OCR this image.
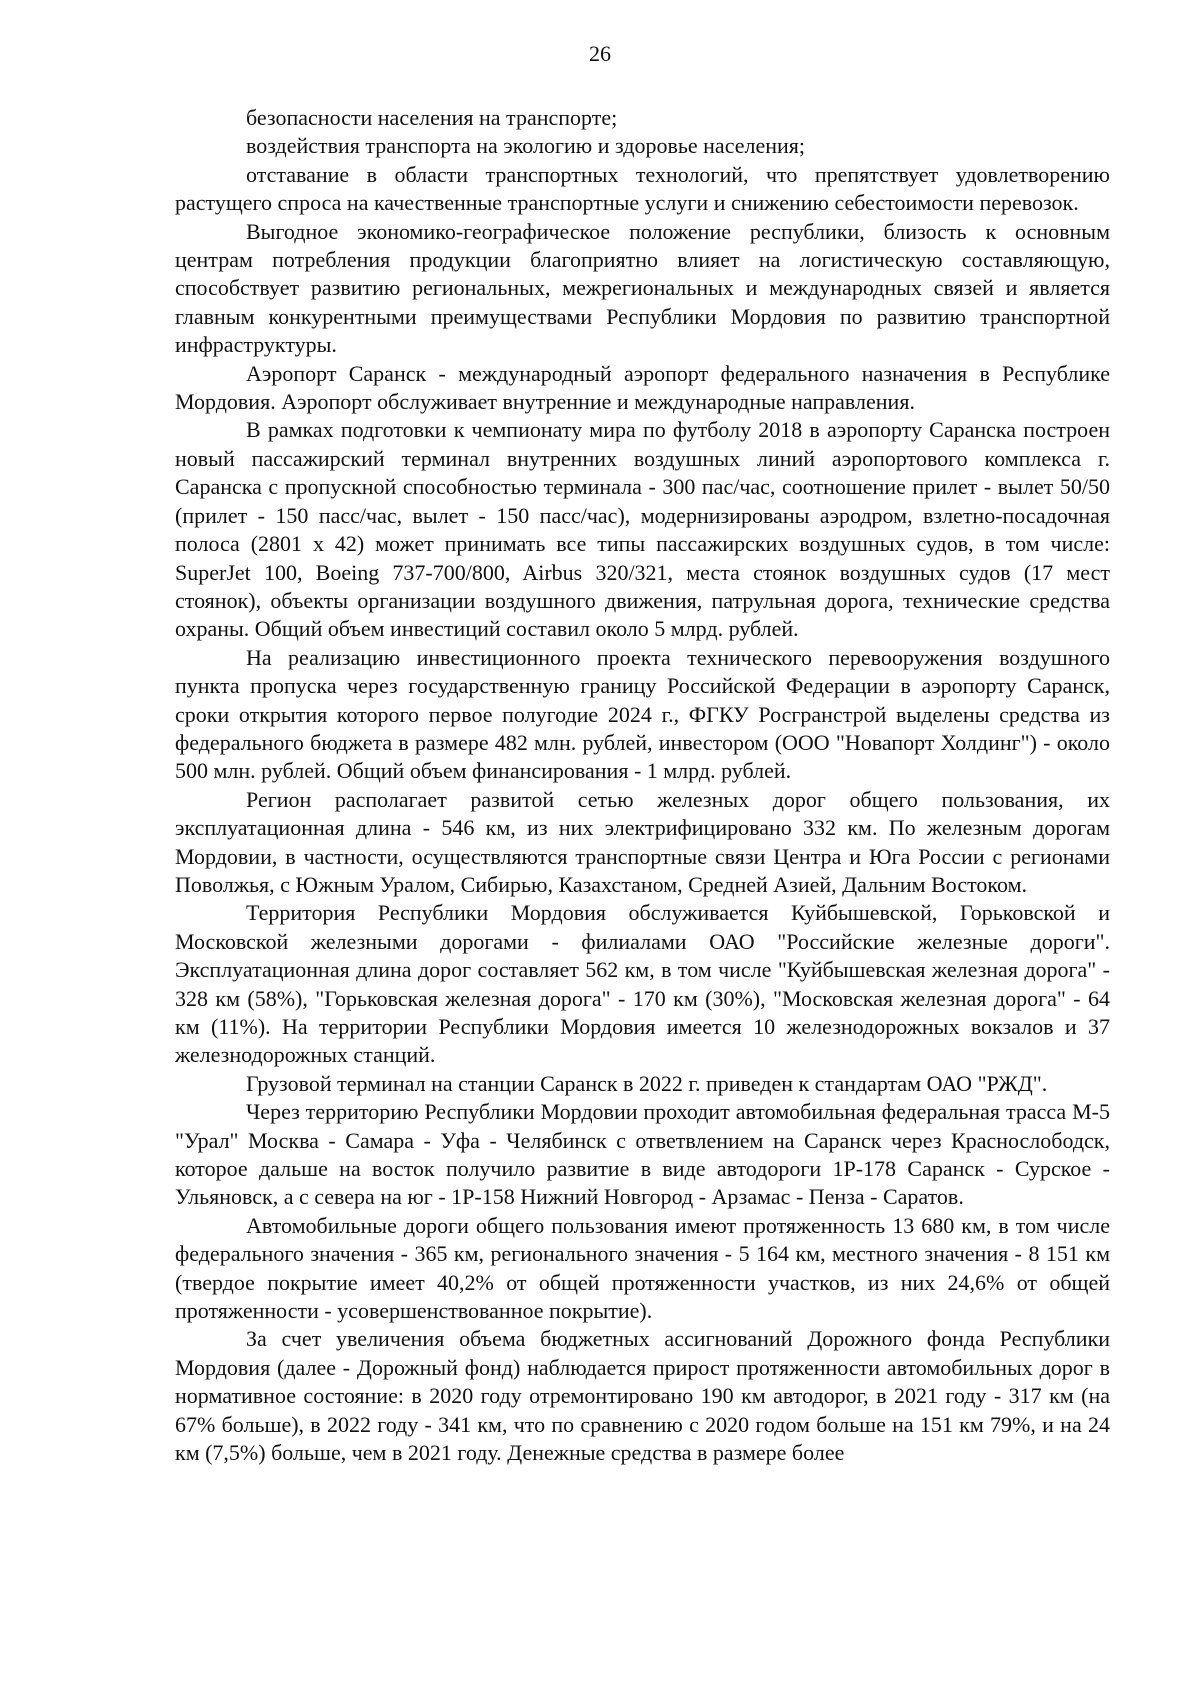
26

безопасности населения на транспорте;

воздействия транспорта на экологию и здоровье населения;

отставание в области транспортных технологий, что препятствует удовлетворению растущего спроса на качественные транспортные услуги и снижению себестоимости перевозок.

Выгодное экономико-географическое положение республики, близость к основным центрам потребления продукции благоприятно влияет на логистическую составляющую, способствует развитию региональных, межрегиональных и международных связей и является главным конкурентными преимуществами Республики Мордовия по развитию транспортной инфраструктуры.

Аэропорт Саранск - международный аэропорт федерального назначения в Республике Мордовия. Аэропорт обслуживает внутренние и международные направления.

В рамках подготовки к чемпионату мира по футболу 2018 в аэропорту Саранска построен новый пассажирский терминал внутренних воздушных линий аэропортового комплекса г. Саранска с пропускной способностью терминала - 300 пас/час, соотношение прилет - вылет 50/50 (прилет - 150 пасс/час, вылет - 150 пасс/час), модернизированы аэродром, взлетно-посадочная полоса (2801 x 42) может принимать все типы пассажирских воздушных судов, в том числе: SuperJet 100, Boeing 737-700/800, Airbus 320/321, места стоянок воздушных судов (17 мест стоянок), объекты организации воздушного движения, патрульная дорога, технические средства охраны. Общий объем инвестиций составил около 5 млрд. рублей.

На реализацию инвестиционного проекта технического перевооружения воздушного пункта пропуска через государственную границу Российской Федерации в аэропорту Саранск, сроки открытия которого первое полугодие 2024 г., ФГКУ Росгранстрой выделены средства из федерального бюджета в размере 482 млн. рублей, инвестором (ООО "Новапорт Холдинг") - около 500 млн. рублей. Общий объем финансирования - 1 млрд. рублей.

Регион располагает развитой сетью железных дорог общего пользования, их эксплуатационная длина - 546 км, из них электрифицировано 332 км. По железным дорогам Мордовии, в частности, осуществляются транспортные связи Центра и Юга России с регионами Поволжья, с Южным Уралом, Сибирью, Казахстаном, Средней Азией, Дальним Востоком.

Территория Республики Мордовия обслуживается Куйбышевской, Горьковской и Московской железными дорогами - филиалами ОАО "Российские железные дороги". Эксплуатационная длина дорог составляет 562 км, в том числе "Куйбышевская железная дорога" - 328 км (58%), "Горьковская железная дорога" - 170 км (30%), "Московская железная дорога" - 64 км (11%). На территории Республики Мордовия имеется 10 железнодорожных вокзалов и 37 железнодорожных станций.

Грузовой терминал на станции Саранск в 2022 г. приведен к стандартам ОАО "РЖД".

Через территорию Республики Мордовии проходит автомобильная федеральная трасса М-5 "Урал" Москва - Самара - Уфа - Челябинск с ответвлением на Саранск через Краснослободск, которое дальше на восток получило развитие в виде автодороги 1Р-178 Саранск - Сурское - Ульяновск, а с севера на юг - 1Р-158 Нижний Новгород - Арзамас - Пенза - Саратов.

Автомобильные дороги общего пользования имеют протяженность 13 680 км, в том числе федерального значения - 365 км, регионального значения - 5 164 км, местного значения - 8 151 км (твердое покрытие имеет 40,2% от общей протяженности участков, из них 24,6% от общей протяженности - усовершенствованное покрытие).

За счет увеличения объема бюджетных ассигнований Дорожного фонда Республики Мордовия (далее - Дорожный фонд) наблюдается прирост протяженности автомобильных дорог в нормативное состояние: в 2020 году отремонтировано 190 км автодорог, в 2021 году - 317 км (на 67% больше), в 2022 году - 341 км, что по сравнению с 2020 годом больше на 151 км 79%, и на 24 км (7,5%) больше, чем в 2021 году. Денежные средства в размере более
